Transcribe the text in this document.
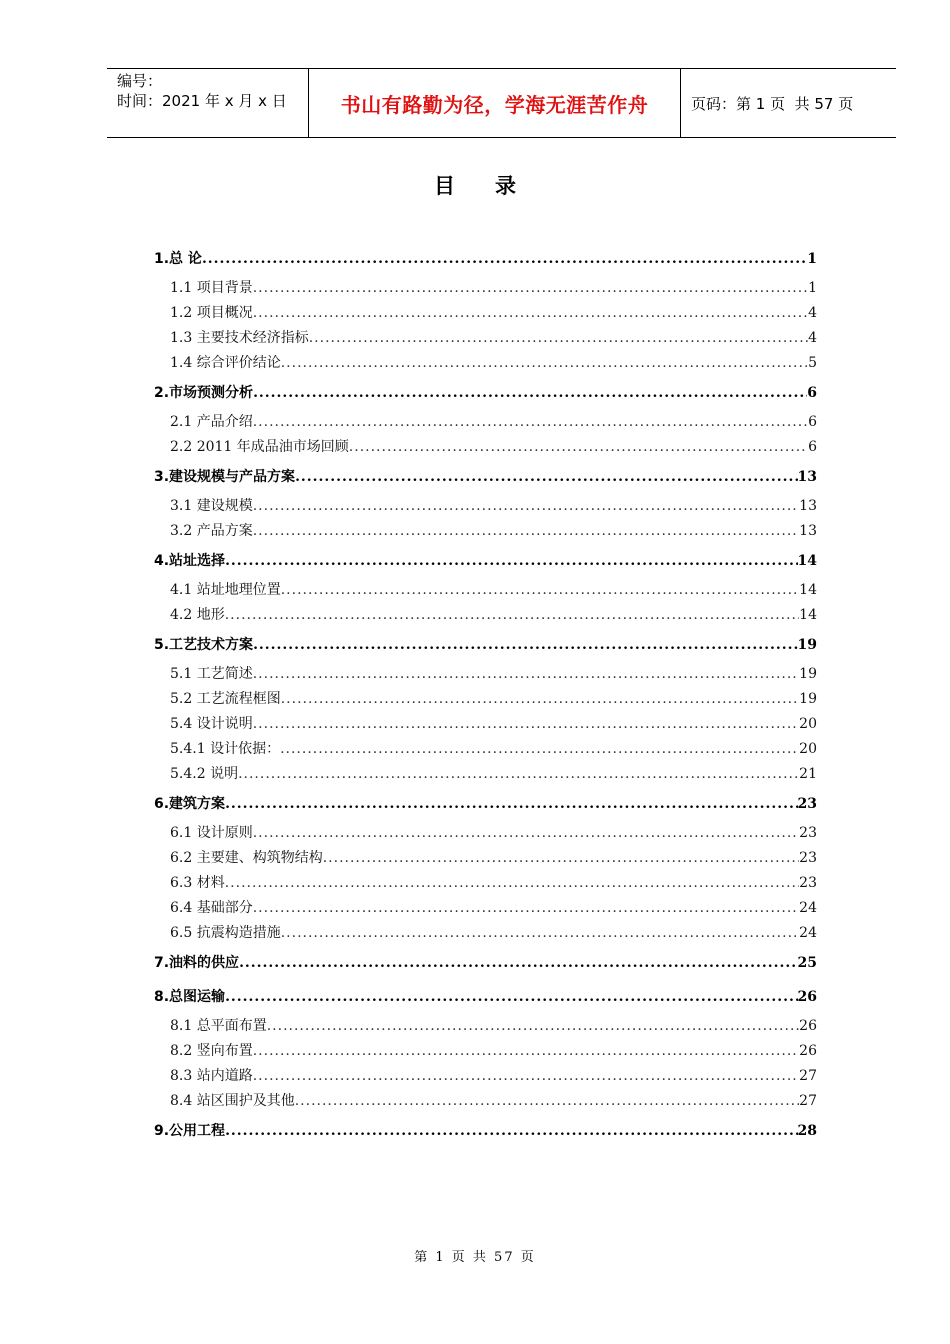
编号：
时间：2021 年 x 月 x 日	书山有路勤为径，学海无涯苦作舟	页码：第 1 页  共 57 页
目录
1.总 论 .....	1
1.1 项目背景 .....	1
1.2 项目概况 .....	4
1.3 主要技术经济指标 .....	4
1.4 综合评价结论 .....	5
2.市场预测分析 .....	6
2.1 产品介绍 .....	6
2.2 2011 年成品油市场回顾 .....	6
3.建设规模与产品方案 .....	13
3.1 建设规模 .....	13
3.2 产品方案 .....	13
4.站址选择 .....	14
4.1 站址地理位置 .....	14
4.2 地形 .....	14
5.工艺技术方案 .....	19
5.1 工艺简述 .....	19
5.2 工艺流程框图 .....	19
5.4 设计说明 .....	20
5.4.1 设计依据： .....	20
5.4.2 说明 .....	21
6.建筑方案 .....	23
6.1 设计原则 .....	23
6.2 主要建、构筑物结构 .....	23
6.3 材料 .....	23
6.4 基础部分 .....	24
6.5 抗震构造措施 .....	24
7.油料的供应 .....	25
8.总图运输 .....	26
8.1 总平面布置 .....	26
8.2 竖向布置 .....	26
8.3 站内道路 .....	27
8.4 站区围护及其他 .....	27
9.公用工程 .....	28
第 1 页 共 57 页
